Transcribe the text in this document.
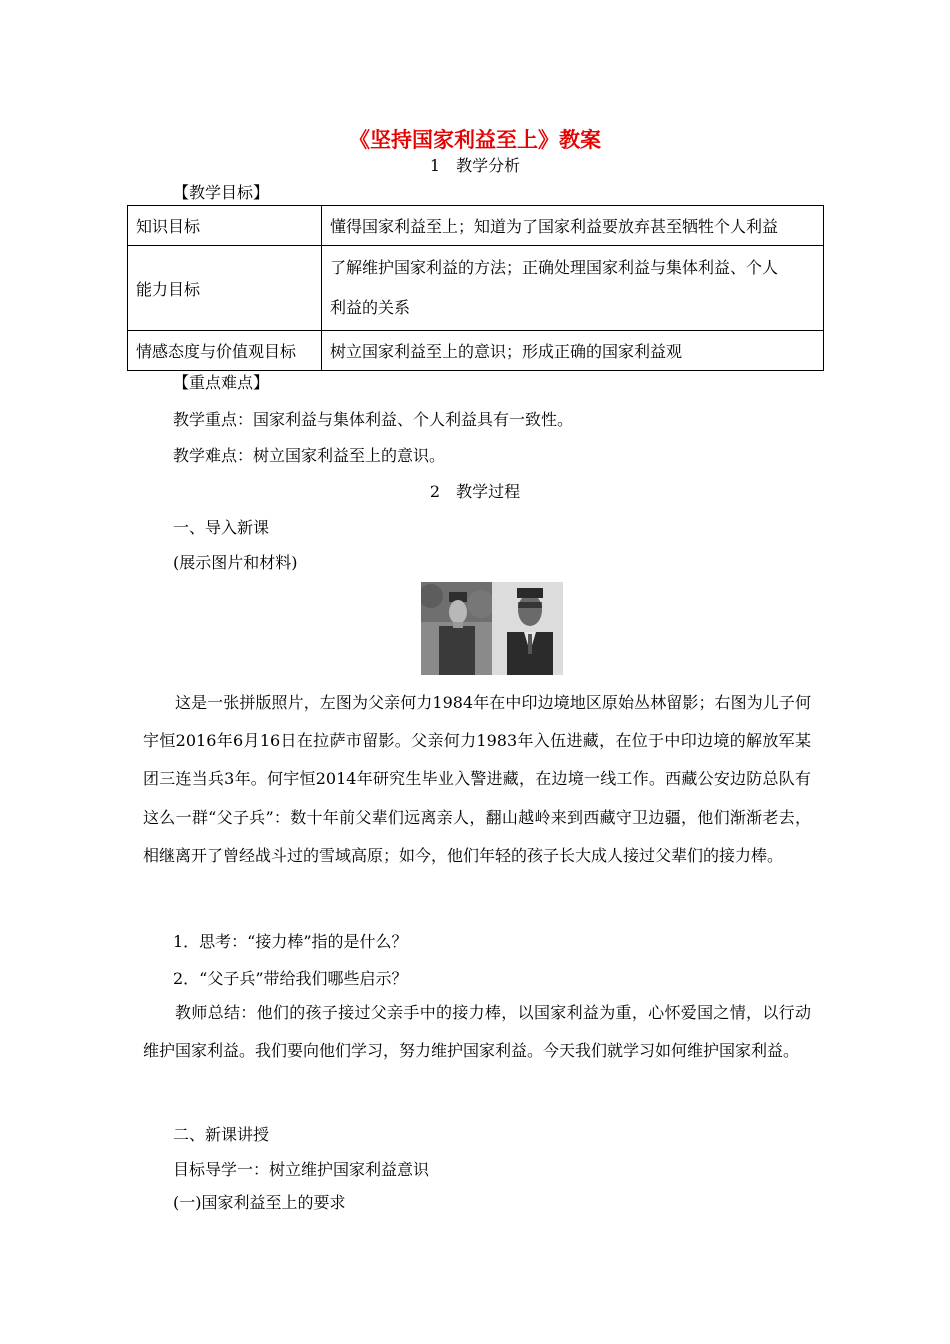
《坚持国家利益至上》教案
1　教学分析
【教学目标】
知识目标	懂得国家利益至上；知道为了国家利益要放弃甚至牺牲个人利益
能力目标	了解维护国家利益的方法；正确处理国家利益与集体利益、个人
利益的关系

情感态度与价值观目标	树立国家利益至上的意识；形成正确的国家利益观
【重点难点】
教学重点：国家利益与集体利益、个人利益具有一致性。
教学难点：树立国家利益至上的意识。
2　教学过程
一、导入新课
(展示图片和材料)
这是一张拼版照片，左图为父亲何力1984年在中印边境地区原始丛林留影；右图为儿子何宇恒2016年6月16日在拉萨市留影。父亲何力1983年入伍进藏，在位于中印边境的解放军某团三连当兵3年。何宇恒2014年研究生毕业入警进藏，在边境一线工作。西藏公安边防总队有这么一群“父子兵”：数十年前父辈们远离亲人，翻山越岭来到西藏守卫边疆，他们渐渐老去，相继离开了曾经战斗过的雪域高原；如今，他们年轻的孩子长大成人接过父辈们的接力棒。
1．思考：“接力棒”指的是什么？
2．“父子兵”带给我们哪些启示？
教师总结：他们的孩子接过父亲手中的接力棒，以国家利益为重，心怀爱国之情，以行动维护国家利益。我们要向他们学习，努力维护国家利益。今天我们就学习如何维护国家利益。
二、新课讲授
目标导学一：树立维护国家利益意识
(一)国家利益至上的要求
